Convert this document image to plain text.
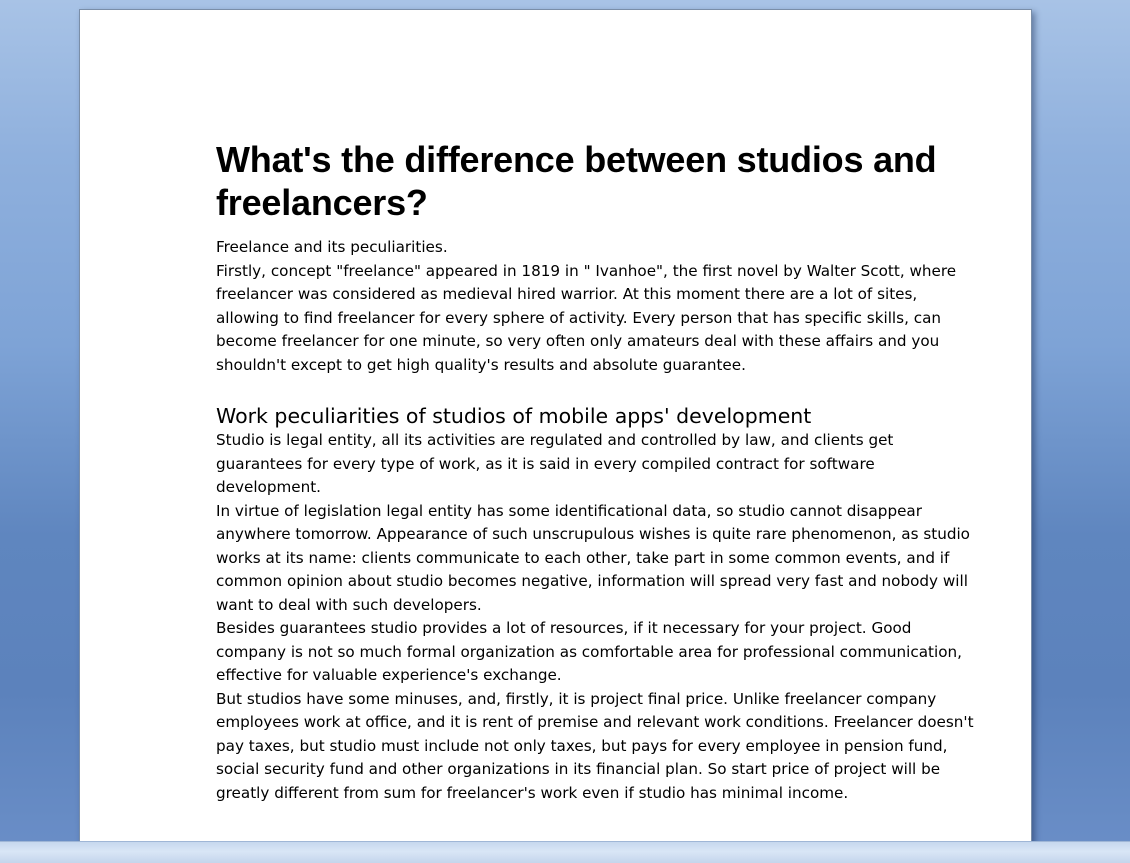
What's the difference between studios and freelancers?

Freelance and its peculiarities.

Firstly, concept "freelance" appeared in 1819 in " Ivanhoe", the first novel by Walter Scott, where freelancer was considered as medieval hired warrior. At this moment there are a lot of sites, allowing to find freelancer for every sphere of activity. Every person that has specific skills, can become freelancer for one minute, so very often only amateurs deal with these affairs and you shouldn't except to get high quality's results and absolute guarantee.

Work peculiarities of studios of mobile apps' development

Studio is legal entity, all its activities are regulated and controlled by law, and clients get guarantees for every type of work, as it is said in every compiled contract for software development.

In virtue of legislation legal entity has some identificational data, so studio cannot disappear anywhere tomorrow. Appearance of such unscrupulous wishes is quite rare phenomenon, as studio works at its name: clients communicate to each other, take part in some common events, and if common opinion about studio becomes negative, information will spread very fast and nobody will want to deal with such developers.

Besides guarantees studio provides a lot of resources, if it necessary for your project. Good company is not so much formal organization as comfortable area for professional communication, effective for valuable experience's exchange.

But studios have some minuses, and, firstly, it is project final price. Unlike freelancer company employees work at office, and it is rent of premise and relevant work conditions. Freelancer doesn't pay taxes, but studio must include not only taxes, but pays for every employee in pension fund, social security fund and other organizations in its financial plan. So start price of project will be greatly different from sum for freelancer's work even if studio has minimal income.
